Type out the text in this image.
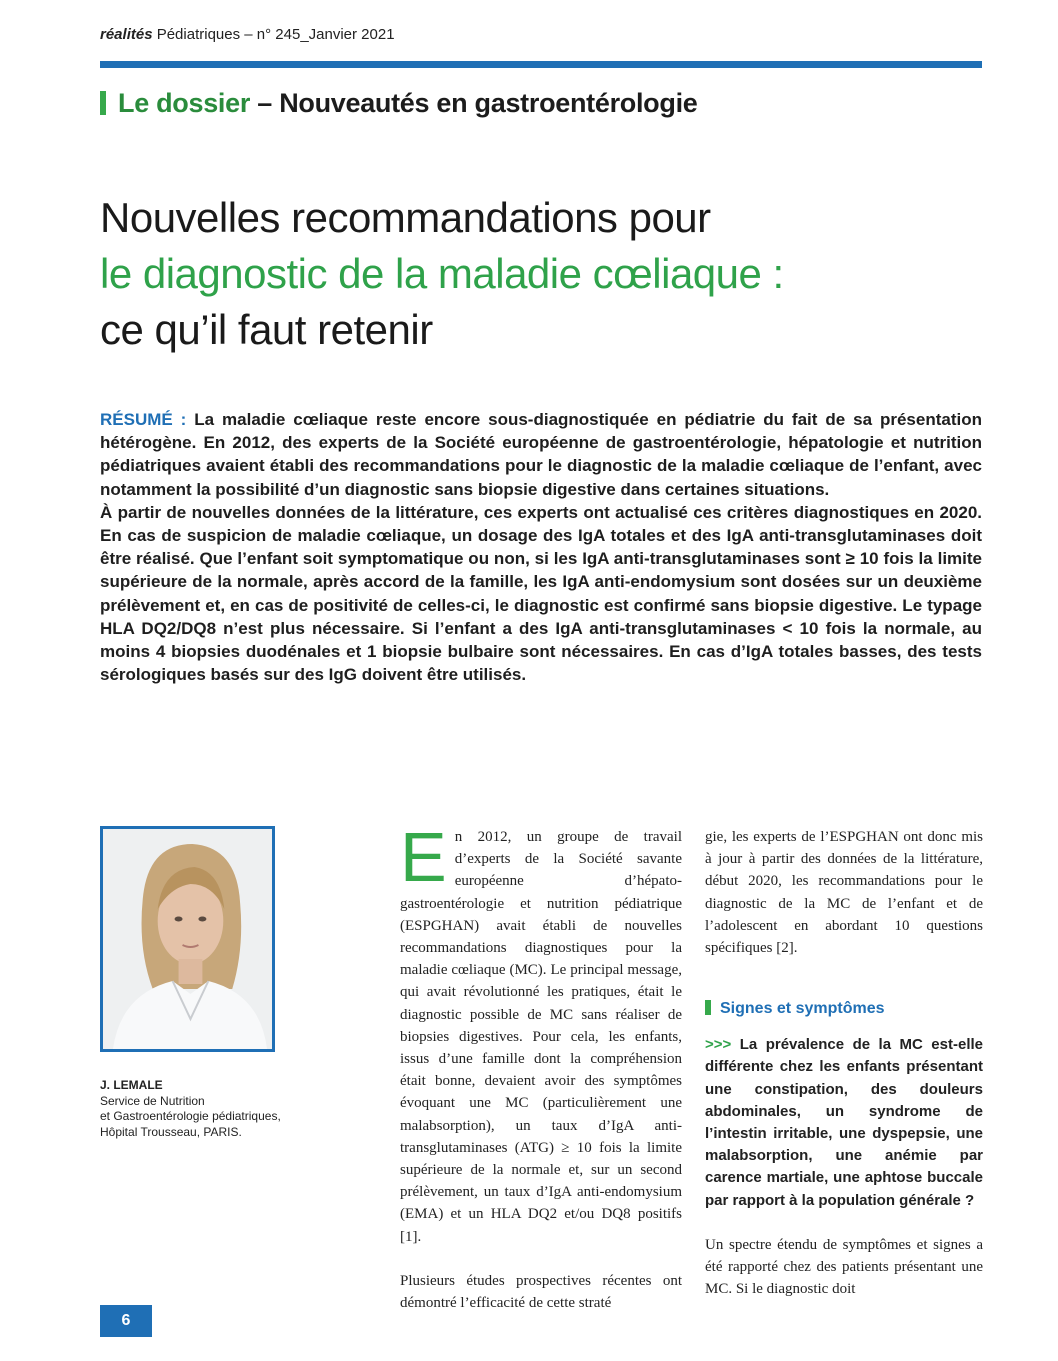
réalités Pédiatriques – n° 245_Janvier 2021
Le dossier – Nouveautés en gastroentérologie
Nouvelles recommandations pour
le diagnostic de la maladie cœliaque :
ce qu’il faut retenir

RÉSUMÉ : La maladie cœliaque reste encore sous-diagnostiquée en pédiatrie du fait de sa présentation hétérogène. En 2012, des experts de la Société européenne de gastroentérologie, hépatologie et nutrition pédiatriques avaient établi des recommandations pour le diagnostic de la maladie cœliaque de l’enfant, avec notamment la possibilité d’un diagnostic sans biopsie digestive dans certaines situations.

À partir de nouvelles données de la littérature, ces experts ont actualisé ces critères diagnostiques en 2020. En cas de suspicion de maladie cœliaque, un dosage des IgA totales et des IgA anti-transglutaminases doit être réalisé. Que l’enfant soit symptomatique ou non, si les IgA anti-transglutaminases sont ≥ 10 fois la limite supérieure de la normale, après accord de la famille, les IgA anti-endomysium sont dosées sur un deuxième prélèvement et, en cas de positivité de celles-ci, le diagnostic est confirmé sans biopsie digestive. Le typage HLA DQ2/DQ8 n’est plus nécessaire. Si l’enfant a des IgA anti-transglutaminases < 10 fois la normale, au moins 4 biopsies duodénales et 1 biopsie bulbaire sont nécessaires. En cas d’IgA totales basses, des tests sérologiques basés sur des IgG doivent être utilisés.

J. LEMALE
Service de Nutrition
et Gastroentérologie pédiatriques,
Hôpital Trousseau, PARIS.

En 2012, un groupe de travail d’experts de la Société savante européenne d’hépato-gastroentérologie et nutrition pédiatrique (ESPGHAN) avait établi de nouvelles recommandations diagnostiques pour la maladie cœliaque (MC). Le principal message, qui avait révolutionné les pratiques, était le diagnostic possible de MC sans réaliser de biopsies digestives. Pour cela, les enfants, issus d’une famille dont la compréhension était bonne, devaient avoir des symptômes évoquant une MC (particulièrement une malabsorption), un taux d’IgA anti-transglutaminases (ATG) ≥ 10 fois la limite supérieure de la normale et, sur un second prélèvement, un taux d’IgA anti-endomysium (EMA) et un HLA DQ2 et/ou DQ8 positifs [1].

Plusieurs études prospectives récentes ont démontré l’efficacité de cette straté

gie, les experts de l’ESPGHAN ont donc mis à jour à partir des données de la littérature, début 2020, les recommandations pour le diagnostic de la MC de l’enfant et de l’adolescent en abordant 10 questions spécifiques [2].
Signes et symptômes

>>> La prévalence de la MC est-elle différente chez les enfants présentant une constipation, des douleurs abdominales, un syndrome de l’intestin irritable, une dyspepsie, une malabsorption, une anémie par carence martiale, une aphtose buccale par rapport à la population générale ?

Un spectre étendu de symptômes et signes a été rapporté chez des patients présentant une MC. Si le diagnostic doit

6
